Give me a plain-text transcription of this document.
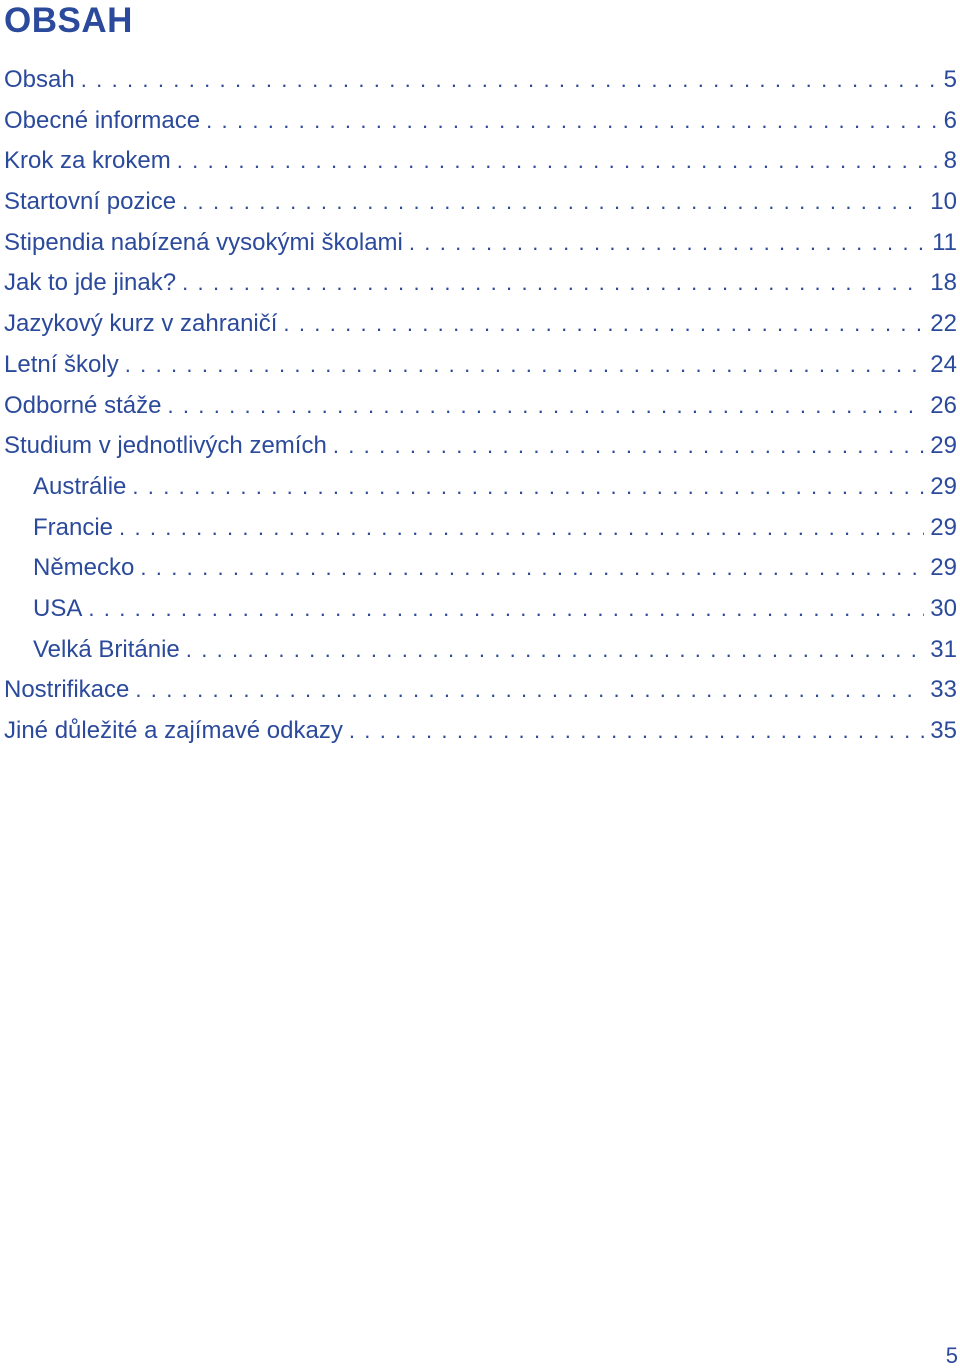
OBSAH
Obsah . . .	5
Obecné informace . . .	6
Krok za krokem . . .	8
Startovní pozice . . .	10
Stipendia nabízená vysokými školami . . .	11
Jak to jde jinak? . . .	18
Jazykový kurz v zahraničí . . .	22
Letní školy . . .	24
Odborné stáže . . .	26
Studium v jednotlivých zemích . . .	29
Austrálie . . .	29
Francie . . .	29
Německo . . .	29
USA . . .	30
Velká Británie . . .	31
Nostrifikace . . .	33
Jiné důležité a zajímavé odkazy . . .	35
5
